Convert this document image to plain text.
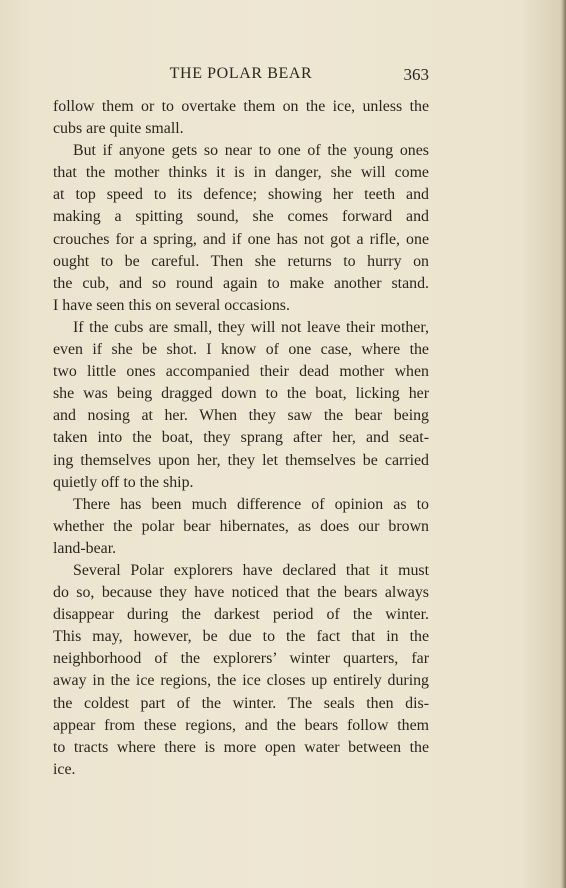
THE POLAR BEAR	363
follow them or to overtake them on the ice, unless the
cubs are quite small.
But if anyone gets so near to one of the young ones
that the mother thinks it is in danger, she will come
at top speed to its defence; showing her teeth and
making a spitting sound, she comes forward and
crouches for a spring, and if one has not got a rifle, one
ought to be careful. Then she returns to hurry on
the cub, and so round again to make another stand.
I have seen this on several occasions.
If the cubs are small, they will not leave their mother,
even if she be shot. I know of one case, where the
two little ones accompanied their dead mother when
she was being dragged down to the boat, licking her
and nosing at her. When they saw the bear being
taken into the boat, they sprang after her, and seat-
ing themselves upon her, they let themselves be carried
quietly off to the ship.
There has been much difference of opinion as to
whether the polar bear hibernates, as does our brown
land-bear.
Several Polar explorers have declared that it must
do so, because they have noticed that the bears always
disappear during the darkest period of the winter.
This may, however, be due to the fact that in the
neighborhood of the explorers’ winter quarters, far
away in the ice regions, the ice closes up entirely during
the coldest part of the winter. The seals then dis-
appear from these regions, and the bears follow them
to tracts where there is more open water between the
ice.
